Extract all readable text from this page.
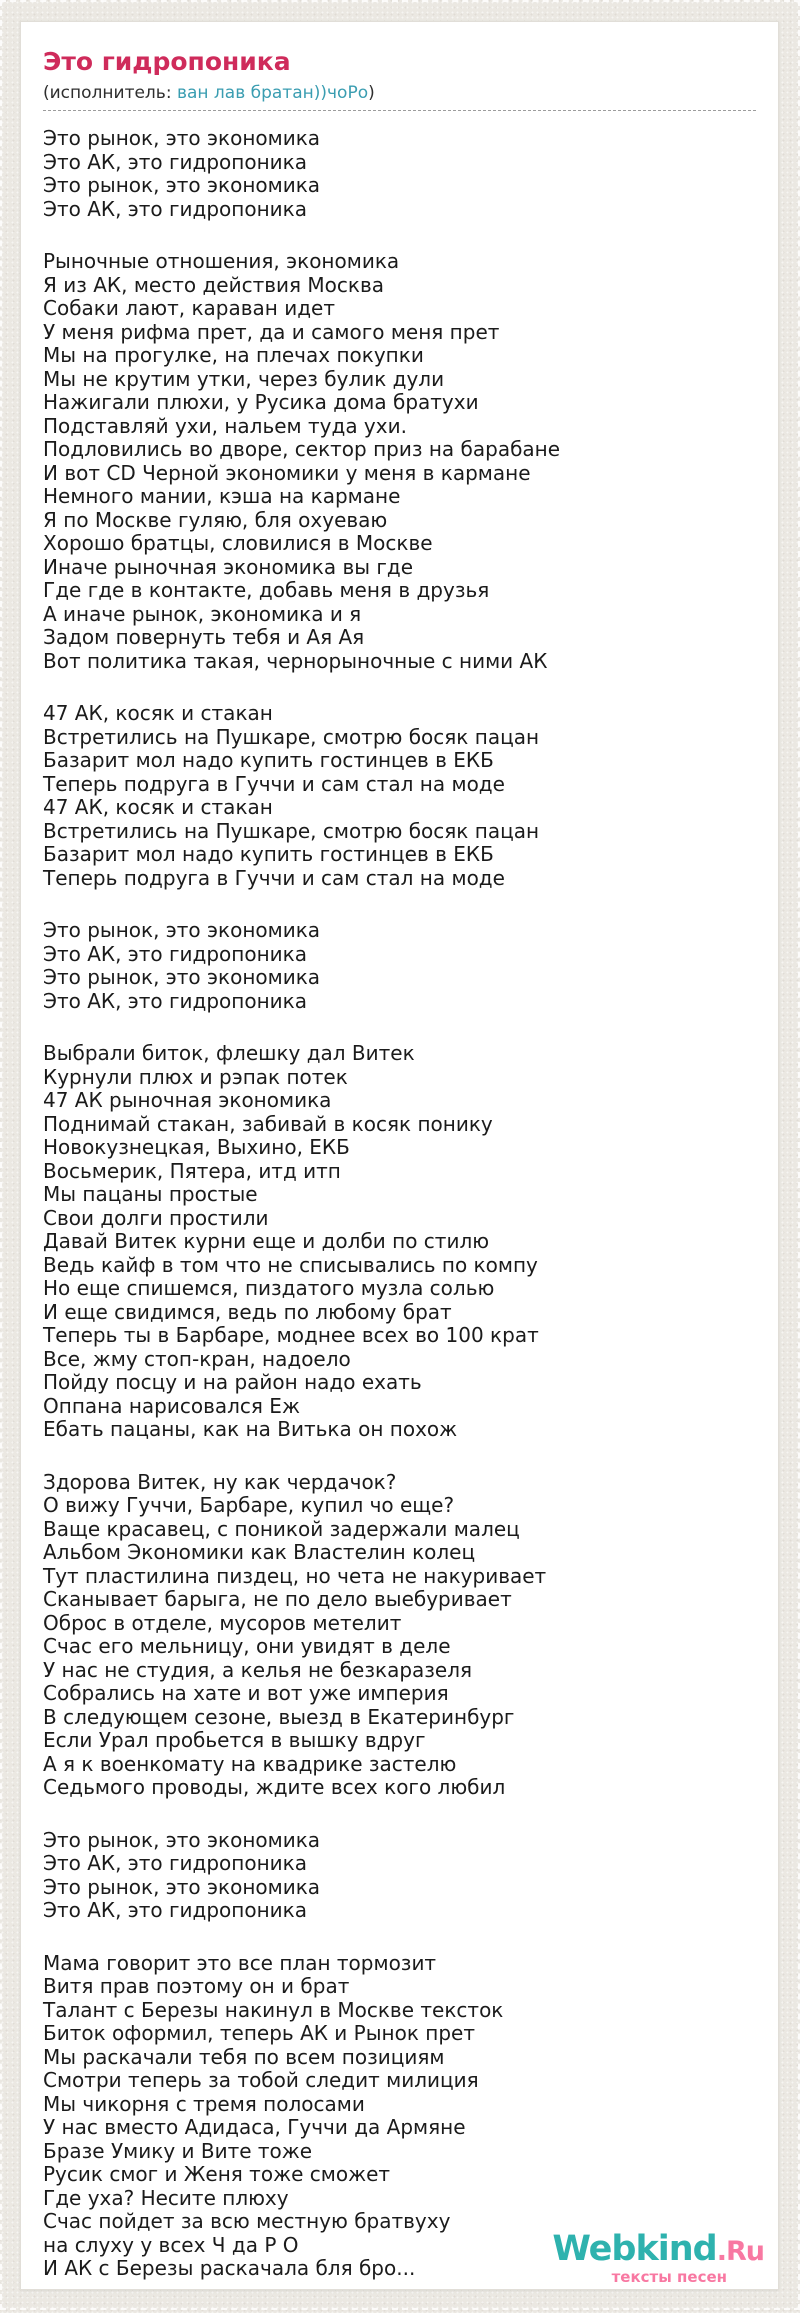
Это гидропоника
(исполнитель: ван лав братан))чоРо)

Это рынок, это экономика
Это АК, это гидропоника
Это рынок, это экономика
Это АК, это гидропоника

Рыночные отношения, экономика
Я из АК, место действия Москва
Собаки лают, караван идет
У меня рифма прет, да и самого меня прет
Мы на прогулке, на плечах покупки
Мы не крутим утки, через булик дули
Нажигали плюхи, у Русика дома братухи
Подставляй ухи, нальем туда ухи.
Подловились во дворе, сектор приз на барабане
И вот CD Черной экономики у меня в кармане
Немного мании, кэша на кармане
Я по Москве гуляю, бля охуеваю
Хорошо братцы, словилися в Москве
Иначе рыночная экономика вы где
Где где в контакте, добавь меня в друзья
А иначе рынок, экономика и я
Задом повернуть тебя и Ая Ая
Вот политика такая, чернорыночные с ними АК

47 АК, косяк и стакан
Встретились на Пушкаре, смотрю босяк пацан
Базарит мол надо купить гостинцев в ЕКБ
Теперь подруга в Гуччи и сам стал на моде
47 АК, косяк и стакан
Встретились на Пушкаре, смотрю босяк пацан
Базарит мол надо купить гостинцев в ЕКБ
Теперь подруга в Гуччи и сам стал на моде

Это рынок, это экономика
Это АК, это гидропоника
Это рынок, это экономика
Это АК, это гидропоника

Выбрали биток, флешку дал Витек
Курнули плюх и рэпак потек
47 АК рыночная экономика
Поднимай стакан, забивай в косяк понику
Новокузнецкая, Выхино, ЕКБ
Восьмерик, Пятера, итд итп
Мы пацаны простые
Свои долги простили
Давай Витек курни еще и долби по стилю
Ведь кайф в том что не списывались по компу
Но еще спишемся, пиздатого музла солью
И еще свидимся, ведь по любому брат
Теперь ты в Барбаре, моднее всех во 100 крат
Все, жму стоп-кран, надоело
Пойду посцу и на район надо ехать
Оппана нарисовался Еж
Ебать пацаны, как на Витька он похож

Здорова Витек, ну как чердачок?
О вижу Гуччи, Барбаре, купил чо еще?
Ваще красавец, с поникой задержали малец
Альбом Экономики как Властелин колец
Тут пластилина пиздец, но чета не накуривает
Сканывает барыга, не по дело выебуривает
Оброс в отделе, мусоров метелит
Счас его мельницу, они увидят в деле
У нас не студия, а келья не безкаразеля
Собрались на хате и вот уже империя
В следующем сезоне, выезд в Екатеринбург
Если Урал пробьется в вышку вдруг
А я к военкомату на квадрике застелю
Седьмого проводы, ждите всех кого любил

Это рынок, это экономика
Это АК, это гидропоника
Это рынок, это экономика
Это АК, это гидропоника

Мама говорит это все план тормозит
Витя прав поэтому он и брат
Талант с Березы накинул в Москве тексток
Биток оформил, теперь АК и Рынок прет
Мы раскачали тебя по всем позициям
Смотри теперь за тобой следит милиция
Мы чикорня с тремя полосами
У нас вместо Адидаса, Гуччи да Армяне
Бразе Умику и Вите тоже
Русик смог и Женя тоже сможет
Где уха? Несите плюху
Счас пойдет за всю местную братвуху
на слуху у всех Ч да Р О
И АК с Березы раскачала бля бро...	Webkind.Ru
тексты песен
